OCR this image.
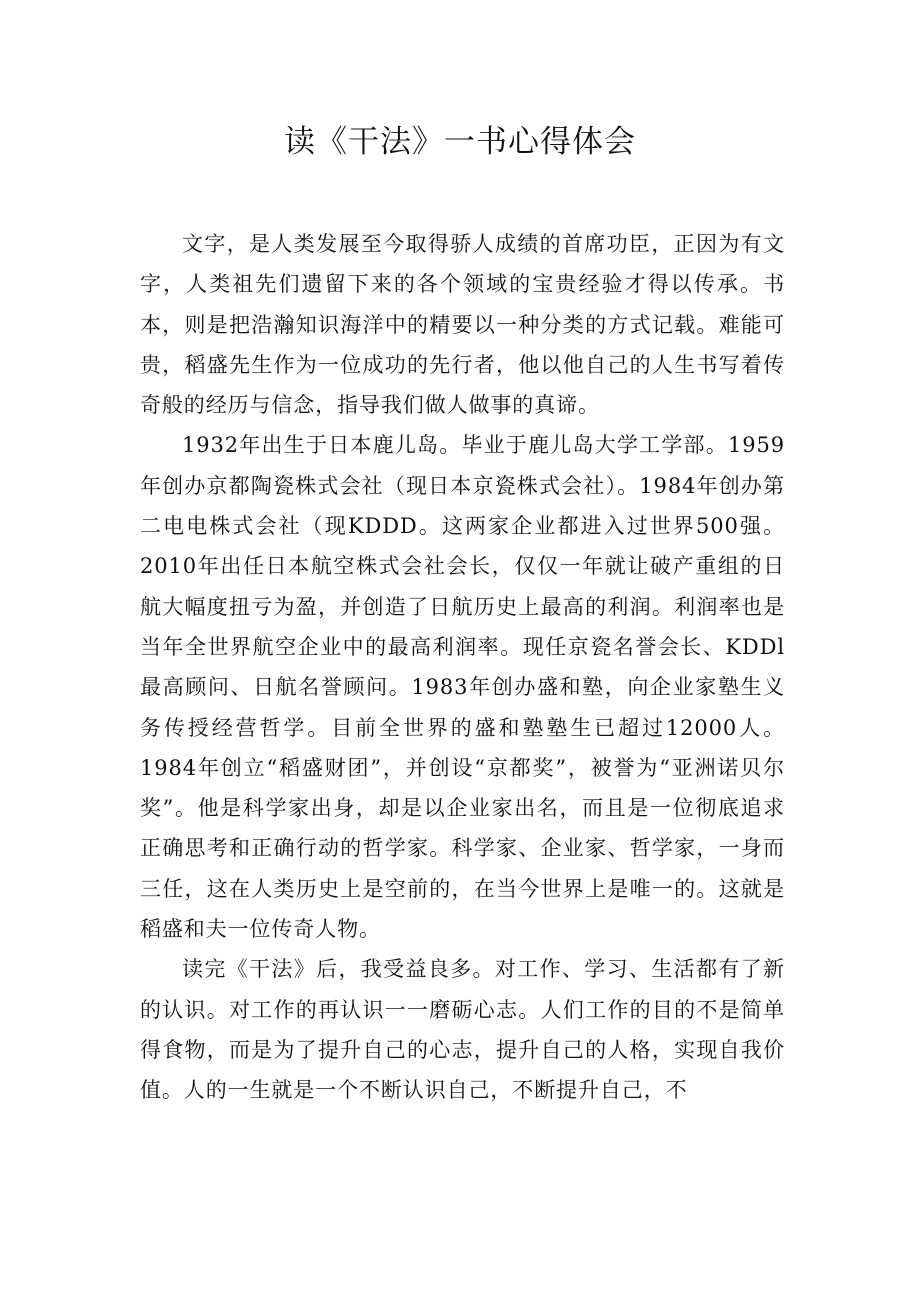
读《干法》一书心得体会

文字，是人类发展至今取得骄人成绩的首席功臣，正因为有文字，人类祖先们遗留下来的各个领域的宝贵经验才得以传承。书本，则是把浩瀚知识海洋中的精要以一种分类的方式记载。难能可贵，稻盛先生作为一位成功的先行者，他以他自己的人生书写着传奇般的经历与信念，指导我们做人做事的真谛。

1932年出生于日本鹿儿岛。毕业于鹿儿岛大学工学部。1959年创办京都陶瓷株式会社（现日本京瓷株式会社）。1984年创办第二电电株式会社（现KDDD。这两家企业都进入过世界500强。2010年出任日本航空株式会社会长，仅仅一年就让破产重组的日航大幅度扭亏为盈，并创造了日航历史上最高的利润。利润率也是当年全世界航空企业中的最高利润率。现任京瓷名誉会长、KDDl最高顾问、日航名誉顾问。1983年创办盛和塾，向企业家塾生义务传授经营哲学。目前全世界的盛和塾塾生已超过12000人。1984年创立“稻盛财团”，并创设“京都奖”，被誉为“亚洲诺贝尔奖”。他是科学家出身，却是以企业家出名，而且是一位彻底追求正确思考和正确行动的哲学家。科学家、企业家、哲学家，一身而三任，这在人类历史上是空前的，在当今世界上是唯一的。这就是稻盛和夫一位传奇人物。

读完《干法》后，我受益良多。对工作、学习、生活都有了新的认识。对工作的再认识一一磨砺心志。人们工作的目的不是简单得食物，而是为了提升自己的心志，提升自己的人格，实现自我价值。人的一生就是一个不断认识自己，不断提升自己，不
